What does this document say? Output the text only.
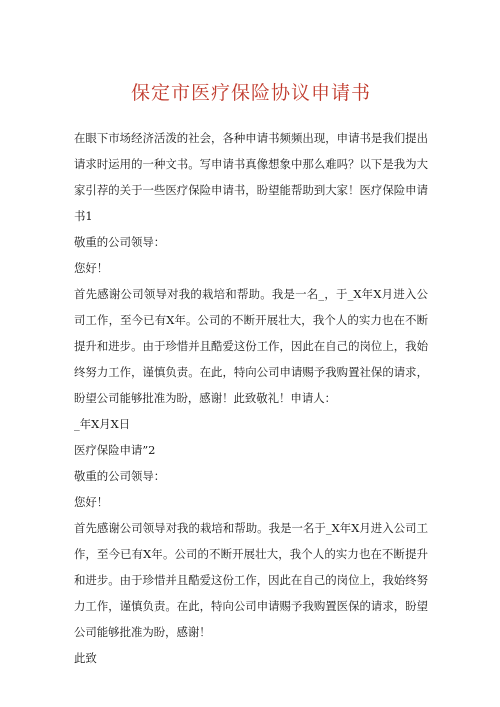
保定市医疗保险协议申请书

在眼下市场经济活泼的社会，各种申请书频频出现，申请书是我们提出请求时运用的一种文书。写申请书真像想象中那么难吗？以下是我为大家引荐的关于一些医疗保险申请书，盼望能帮助到大家！医疗保险申请书1

敬重的公司领导：

您好！

首先感谢公司领导对我的栽培和帮助。我是一名_，于_X年X月进入公司工作，至今已有X年。公司的不断开展壮大，我个人的实力也在不断提升和进步。由于珍惜并且酷爱这份工作，因此在自己的岗位上，我始终努力工作，谨慎负责。在此，特向公司申请赐予我购置社保的请求，盼望公司能够批准为盼，感谢！此致敬礼！申请人：

_年X月X日

医疗保险申请”2

敬重的公司领导：

您好！

首先感谢公司领导对我的栽培和帮助。我是一名于_X年X月进入公司工作，至今已有X年。公司的不断开展壮大，我个人的实力也在不断提升和进步。由于珍惜并且酷爱这份工作，因此在自己的岗位上，我始终努力工作，谨慎负责。在此，特向公司申请赐予我购置医保的请求，盼望公司能够批准为盼，感谢！

此致
